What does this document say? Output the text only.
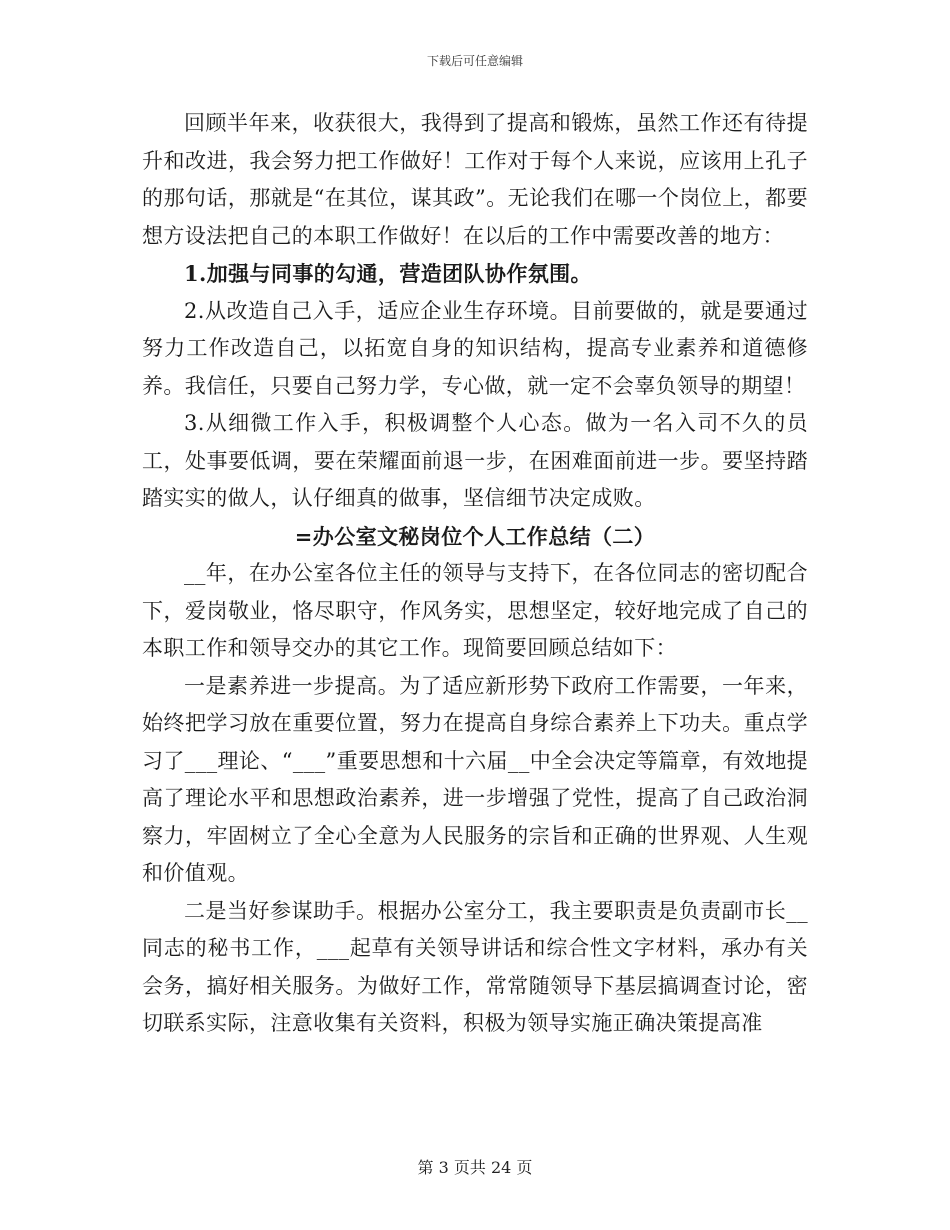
下载后可任意编辑

回顾半年来，收获很大，我得到了提高和锻炼，虽然工作还有待提升和改进，我会努力把工作做好！工作对于每个人来说，应该用上孔子的那句话，那就是“在其位，谋其政”。无论我们在哪一个岗位上，都要想方设法把自己的本职工作做好！在以后的工作中需要改善的地方：

1.加强与同事的勾通，营造团队协作氛围。

2.从改造自己入手，适应企业生存环境。目前要做的，就是要通过努力工作改造自己，以拓宽自身的知识结构，提高专业素养和道德修养。我信任，只要自己努力学，专心做，就一定不会辜负领导的期望！

3.从细微工作入手，积极调整个人心态。做为一名入司不久的员工，处事要低调，要在荣耀面前退一步，在困难面前进一步。要坚持踏踏实实的做人，认仔细真的做事，坚信细节决定成败。

=办公室文秘岗位个人工作总结（二）

__年，在办公室各位主任的领导与支持下，在各位同志的密切配合下，爱岗敬业，恪尽职守，作风务实，思想坚定，较好地完成了自己的本职工作和领导交办的其它工作。现简要回顾总结如下：

一是素养进一步提高。为了适应新形势下政府工作需要，一年来，始终把学习放在重要位置，努力在提高自身综合素养上下功夫。重点学习了___理论、“___”重要思想和十六届__中全会决定等篇章，有效地提高了理论水平和思想政治素养，进一步增强了党性，提高了自己政治洞察力，牢固树立了全心全意为人民服务的宗旨和正确的世界观、人生观和价值观。

二是当好参谋助手。根据办公室分工，我主要职责是负责副市长__同志的秘书工作，___起草有关领导讲话和综合性文字材料，承办有关会务，搞好相关服务。为做好工作，常常随领导下基层搞调查讨论，密切联系实际，注意收集有关资料，积极为领导实施正确决策提高准

第 3 页共 24 页
